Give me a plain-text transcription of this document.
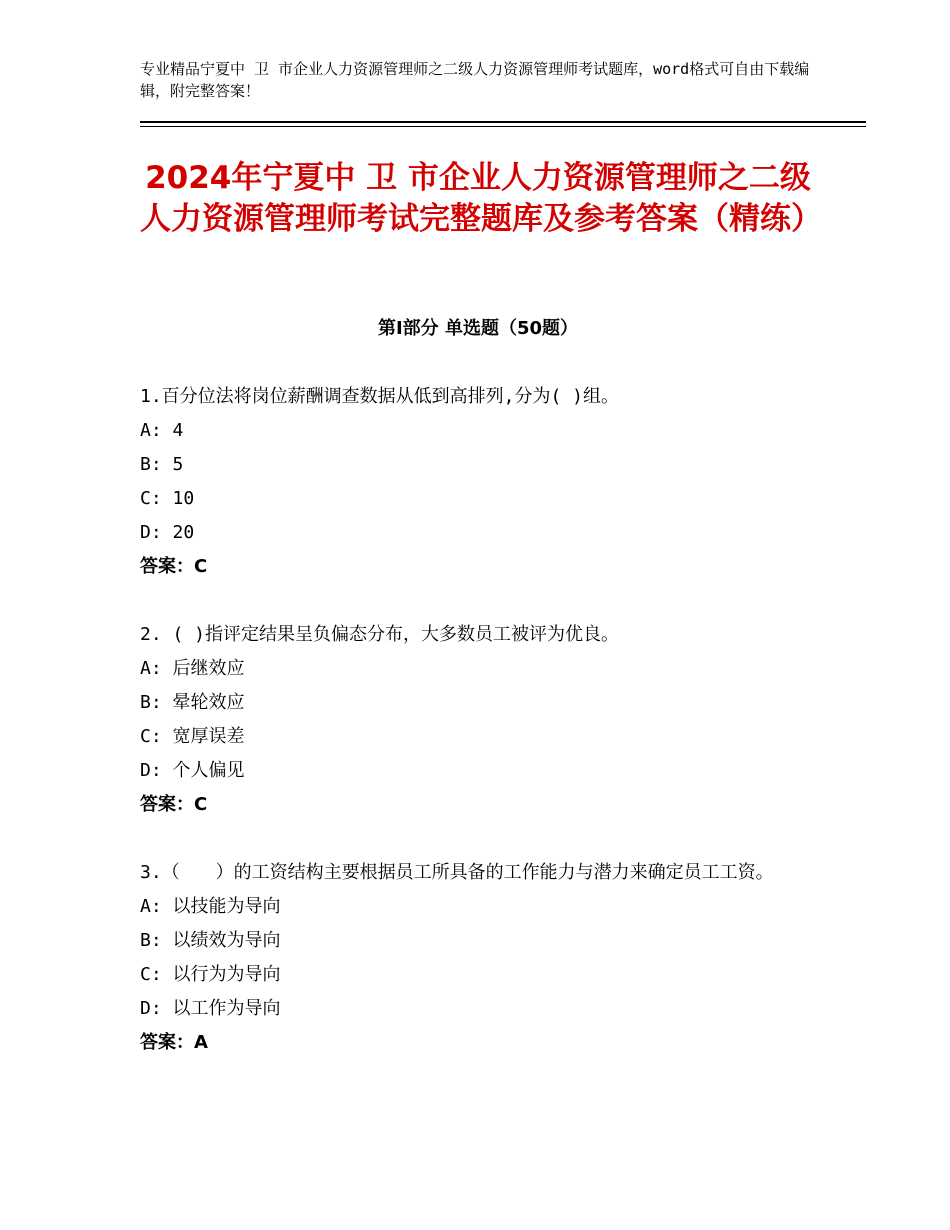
专业精品宁夏中 卫 市企业人力资源管理师之二级人力资源管理师考试题库，word格式可自由下载编辑，附完整答案！
2024年宁夏中 卫 市企业人力资源管理师之二级人力资源管理师考试完整题库及参考答案（精练）
第Ⅰ部分 单选题（50题）
1.百分位法将岗位薪酬调查数据从低到高排列,分为( )组。
A: 4
B: 5
C: 10
D: 20
答案：C
2. ( )指评定结果呈负偏态分布，大多数员工被评为优良。
A: 后继效应
B: 晕轮效应
C: 宽厚误差
D: 个人偏见
答案：C
3.（　　）的工资结构主要根据员工所具备的工作能力与潜力来确定员工工资。
A: 以技能为导向
B: 以绩效为导向
C: 以行为为导向
D: 以工作为导向
答案：A
